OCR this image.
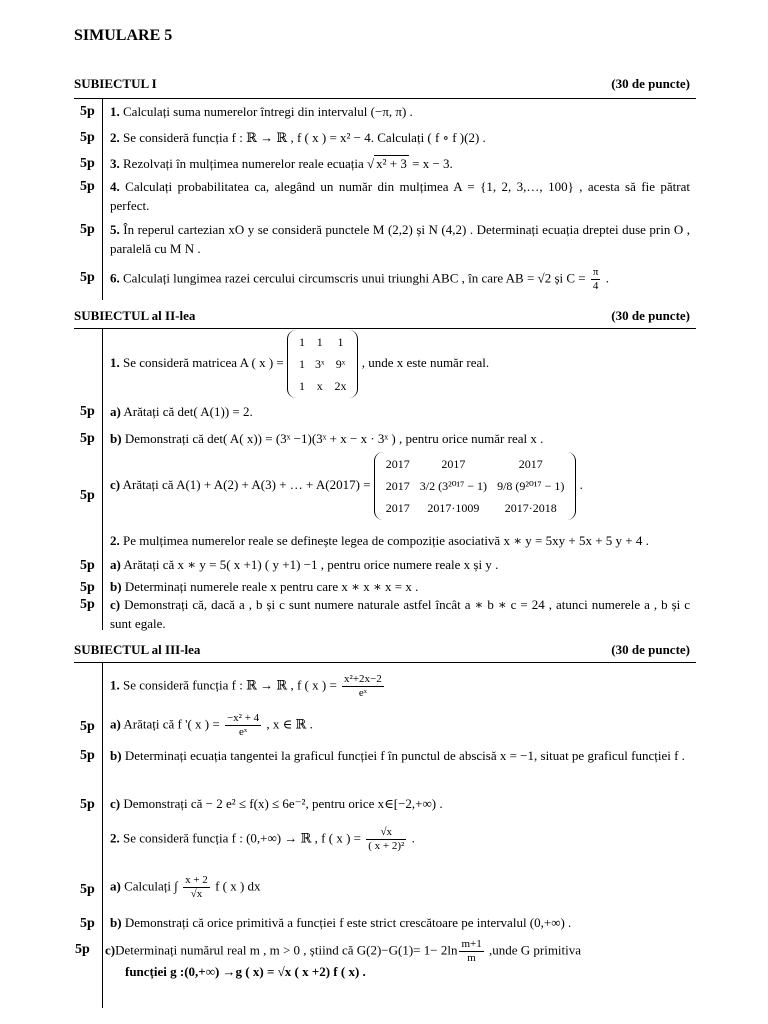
SIMULARE 5
SUBIECTUL I	(30 de puncte)
5p 1. Calculați suma numerelor întregi din intervalul (−π, π) .
5p 2. Se consideră funcția f : ℝ → ℝ , f ( x ) = x² − 4. Calculați ( f ∘ f )(2) .
5p 3. Rezolvați în mulțimea numerelor reale ecuația √ x² + 3 = x − 3.
5p 4. Calculați probabilitatea ca, alegând un număr din mulțimea A = {1, 2, 3,…, 100} , acesta să fie pătrat perfect.
5p 5. În reperul cartezian xO y se consideră punctele M (2,2) și N (4,2) . Determinați ecuația dreptei duse prin O , paralelă cu M N .
5p 6. Calculați lungimea razei cercului circumscris unui triunghi ABC , în care AB = √2 și $C = \frac{\pi}{4}$ .
SUBIECTUL al II-lea	(30 de puncte)
1. Se consideră matricea A ( x ) =
1	1	1
1	3ˣ	9ˣ
1	x	2x
, unde x este număr real.
5p a) Arătați că det( A(1)) = 2.
5p b) Demonstrați că det( A( x)) = (3ˣ −1)(3ˣ + x − x · 3ˣ ) , pentru orice număr real x .
5p
c) Arătați că A(1) + A(2) + A(3) + … + A(2017) =
2017	2017	2017
2017	3/2 (3²⁰¹⁷ − 1)	9/8 (9²⁰¹⁷ − 1)
2017	2017·1009	2017·2018
.
2. Pe mulțimea numerelor reale se definește legea de compoziție asociativă x ∗ y = 5xy + 5x + 5 y + 4 .
5p a) Arătați că x ∗ y = 5( x +1) ( y +1) −1 , pentru orice numere reale x și y .
5p b) Determinați numerele reale x pentru care x ∗ x ∗ x = x .
5p c) Demonstrați că, dacă a , b și c sunt numere naturale astfel încât a ∗ b ∗ c = 24 , atunci numerele a , b și c sunt egale.
SUBIECTUL al III-lea	(30 de puncte)
1. Se consideră funcția f : ℝ → ℝ , f ( x ) = $\frac{\text{x²+2x−2}}{\text{eˣ}}$
5p a) Arătați că f '( x ) = $\frac{\text{−x² + 4}}{\text{eˣ}}$ , x ∈ ℝ .
5p b) Determinați ecuația tangentei la graficul funcției f în punctul de abscisă x = −1, situat pe graficul funcției f .
5p c) Demonstrați că − 2 e² ≤ f(x) ≤ 6e⁻², pentru orice x∈[−2,+∞) .
2. Se consideră funcția f : (0,+∞) → ℝ , f ( x ) = $\frac{√x}{\text{( x + 2)²}}$ .
5p a) Calculați ∫ $\frac{x + 2}{√x}$ f ( x ) dx
5p b) Demonstrați că orice primitivă a funcției f este strict crescătoare pe intervalul (0,+∞) .
5p c)Determinați numărul real m , m > 0 , știind că $G(2)-G(1)= 1- 2\ln \frac{m+1}{m}$ ,unde G primitiva
funcției g :(0,+∞) →g ( x) = √x ( x +2) f ( x) .
